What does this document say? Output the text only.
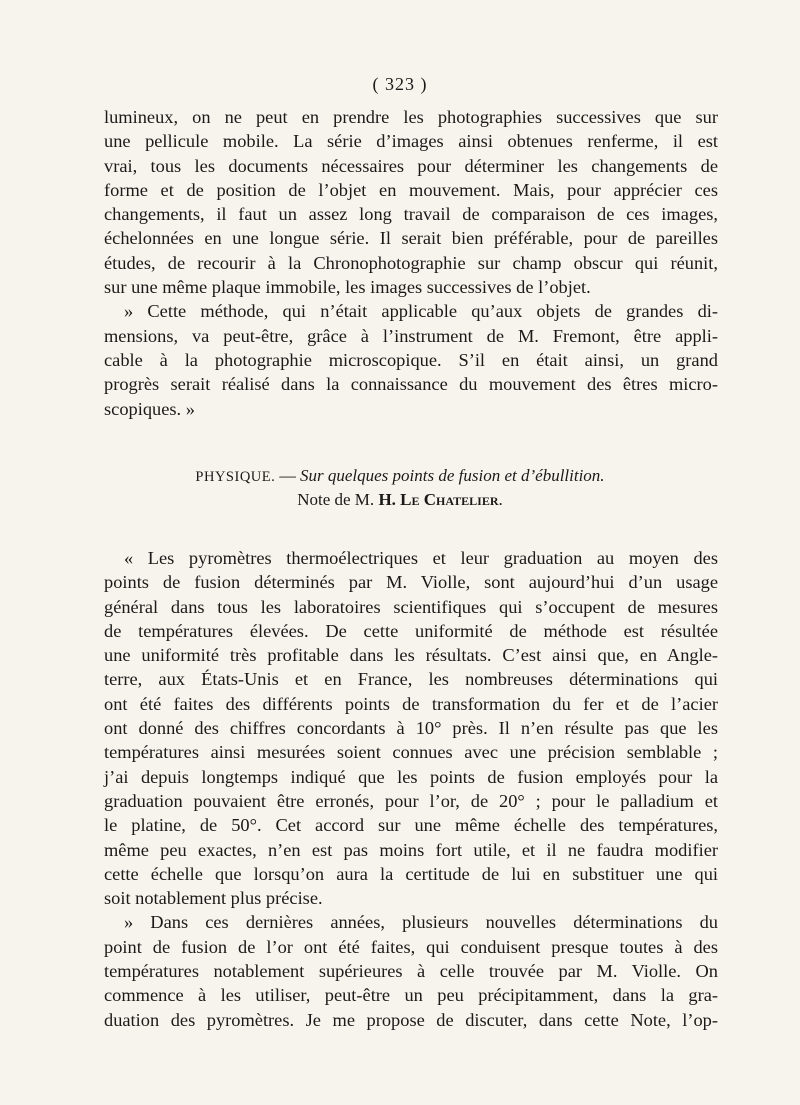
( 323 )
lumineux, on ne peut en prendre les photographies successives que sur
une pellicule mobile. La série d’images ainsi obtenues renferme, il est
vrai, tous les documents nécessaires pour déterminer les changements de
forme et de position de l’objet en mouvement. Mais, pour apprécier ces
changements, il faut un assez long travail de comparaison de ces images,
échelonnées en une longue série. Il serait bien préférable, pour de pareilles
études, de recourir à la Chronophotographie sur champ obscur qui réunit,
sur une même plaque immobile, les images successives de l’objet.
» Cette méthode, qui n’était applicable qu’aux objets de grandes di-
mensions, va peut-être, grâce à l’instrument de M. Fremont, être appli-
cable à la photographie microscopique. S’il en était ainsi, un grand
progrès serait réalisé dans la connaissance du mouvement des êtres micro-
scopiques. »
PHYSIQUE. — Sur quelques points de fusion et d’ébullition.
Note de M. H. Le Chatelier.
« Les pyromètres thermoélectriques et leur graduation au moyen des
points de fusion déterminés par M. Violle, sont aujourd’hui d’un usage
général dans tous les laboratoires scientifiques qui s’occupent de mesures
de températures élevées. De cette uniformité de méthode est résultée
une uniformité très profitable dans les résultats. C’est ainsi que, en Angle-
terre, aux États-Unis et en France, les nombreuses déterminations qui
ont été faites des différents points de transformation du fer et de l’acier
ont donné des chiffres concordants à 10° près. Il n’en résulte pas que les
températures ainsi mesurées soient connues avec une précision semblable ;
j’ai depuis longtemps indiqué que les points de fusion employés pour la
graduation pouvaient être erronés, pour l’or, de 20° ; pour le palladium et
le platine, de 50°. Cet accord sur une même échelle des températures,
même peu exactes, n’en est pas moins fort utile, et il ne faudra modifier
cette échelle que lorsqu’on aura la certitude de lui en substituer une qui
soit notablement plus précise.
» Dans ces dernières années, plusieurs nouvelles déterminations du
point de fusion de l’or ont été faites, qui conduisent presque toutes à des
températures notablement supérieures à celle trouvée par M. Violle. On
commence à les utiliser, peut-être un peu précipitamment, dans la gra-
duation des pyromètres. Je me propose de discuter, dans cette Note, l’op-
